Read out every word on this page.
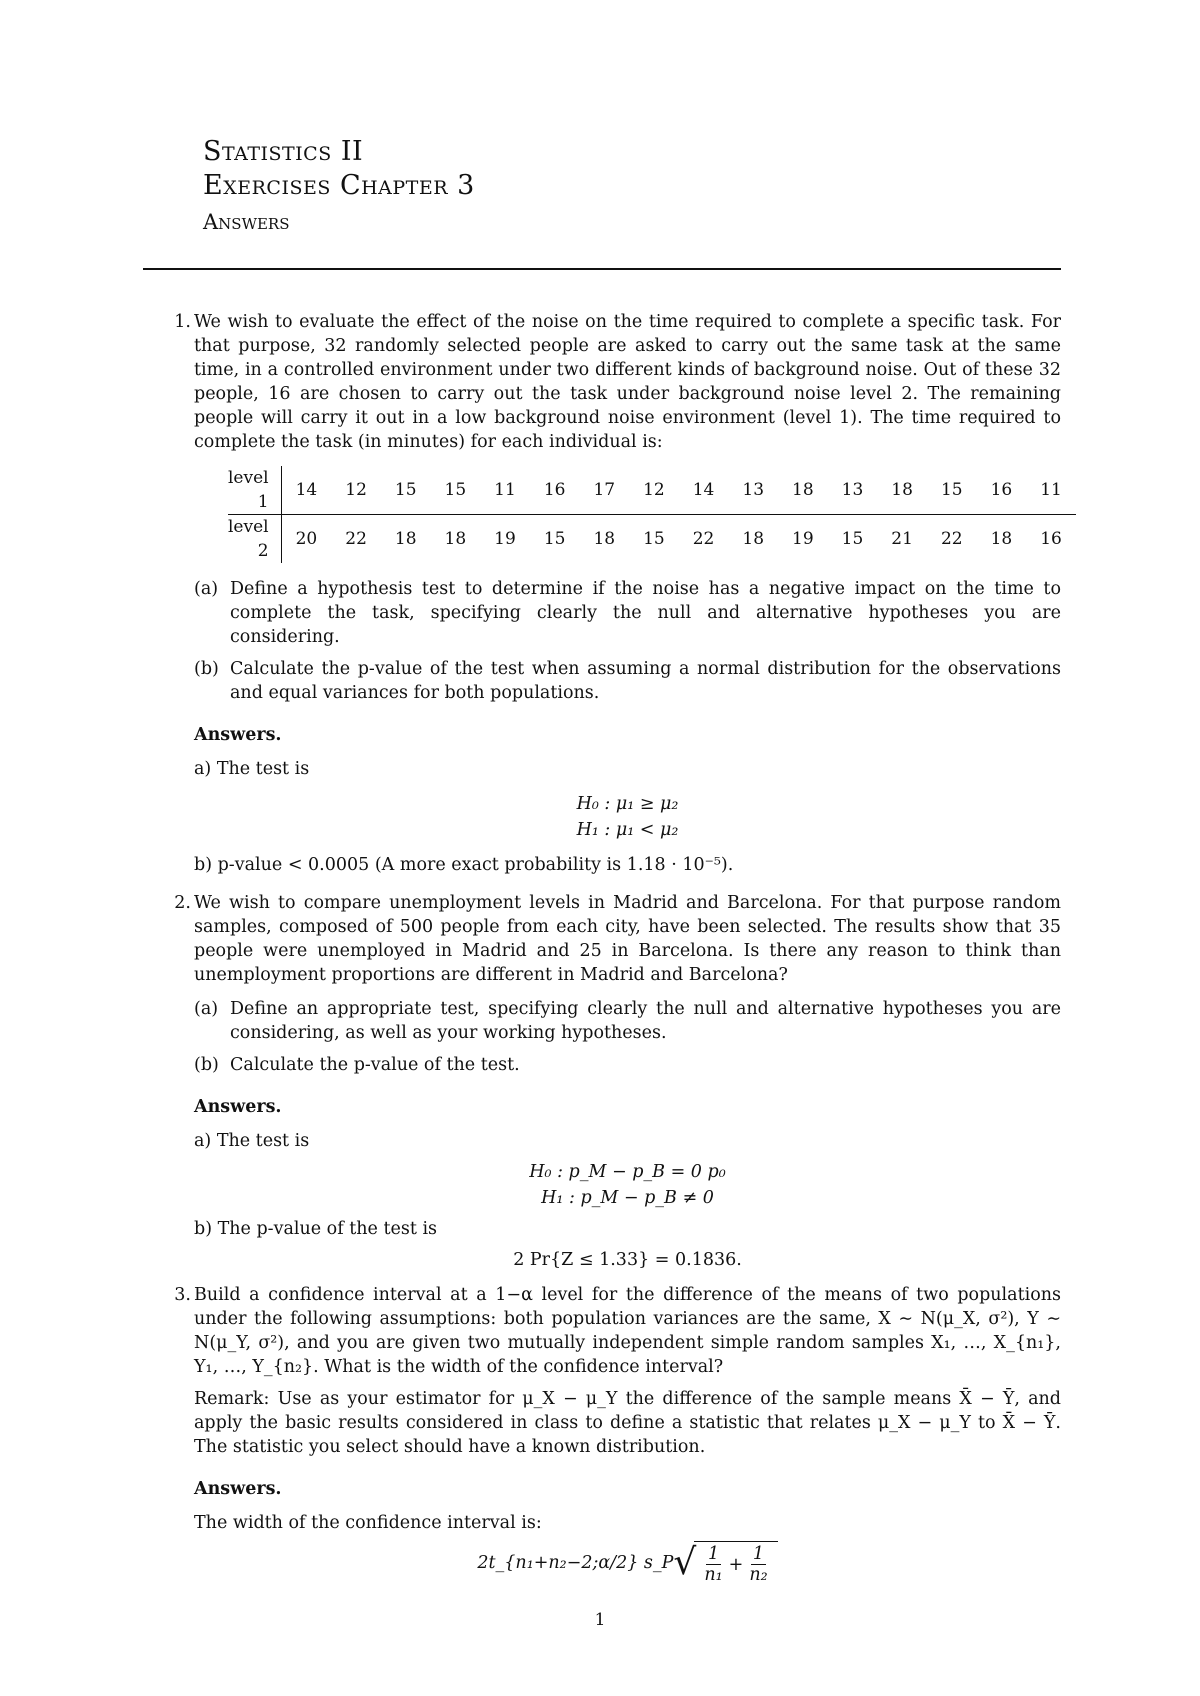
Statistics II
Exercises Chapter 3
Answers
1. We wish to evaluate the effect of the noise on the time required to complete a specific task. For that purpose, 32 randomly selected people are asked to carry out the same task at the same time, in a controlled environment under two different kinds of background noise. Out of these 32 people, 16 are chosen to carry out the task under background noise level 2. The remaining people will carry it out in a low background noise environment (level 1). The time required to complete the task (in minutes) for each individual is:

level 1	14	12	15	15	11	16	17	12	14	13	18	13	18	15	16	11
level 2	20	22	18	18	19	15	18	15	22	18	19	15	21	22	18	16
(a) Define a hypothesis test to determine if the noise has a negative impact on the time to complete the task, specifying clearly the null and alternative hypotheses you are considering.
(b) Calculate the p-value of the test when assuming a normal distribution for the observations and equal variances for both populations.
Answers.
a) The test is
H₀ : μ₁ ≥ μ₂
H₁ : μ₁ < μ₂
b) p-value < 0.0005 (A more exact probability is 1.18 · 10⁻⁵).
2. We wish to compare unemployment levels in Madrid and Barcelona. For that purpose random samples, composed of 500 people from each city, have been selected. The results show that 35 people were unemployed in Madrid and 25 in Barcelona. Is there any reason to think than unemployment proportions are different in Madrid and Barcelona?

(a) Define an appropriate test, specifying clearly the null and alternative hypotheses you are considering, as well as your working hypotheses.
(b) Calculate the p-value of the test.
Answers.
a) The test is
H₀ : p_M − p_B = 0 p₀
H₁ : p_M − p_B ≠ 0
b) The p-value of the test is
2 Pr{Z ≤ 1.33} = 0.1836.
3. Build a confidence interval at a 1−α level for the difference of the means of two populations under the following assumptions: both population variances are the same, X ∼ N(μ_X, σ²), Y ∼ N(μ_Y, σ²), and you are given two mutually independent simple random samples X₁, …, X_{n₁}, Y₁, …, Y_{n₂}. What is the width of the confidence interval?

Remark: Use as your estimator for μ_X − μ_Y the difference of the sample means X̄ − Ȳ, and apply the basic results considered in class to define a statistic that relates μ_X − μ_Y to X̄ − Ȳ. The statistic you select should have a known distribution.

Answers.
The width of the confidence interval is:
2t_{n₁+n₂−2;α/2} s_P √ $\frac{1}{\text{n₁}} + \frac{1}{\text{n₂}}$
1
